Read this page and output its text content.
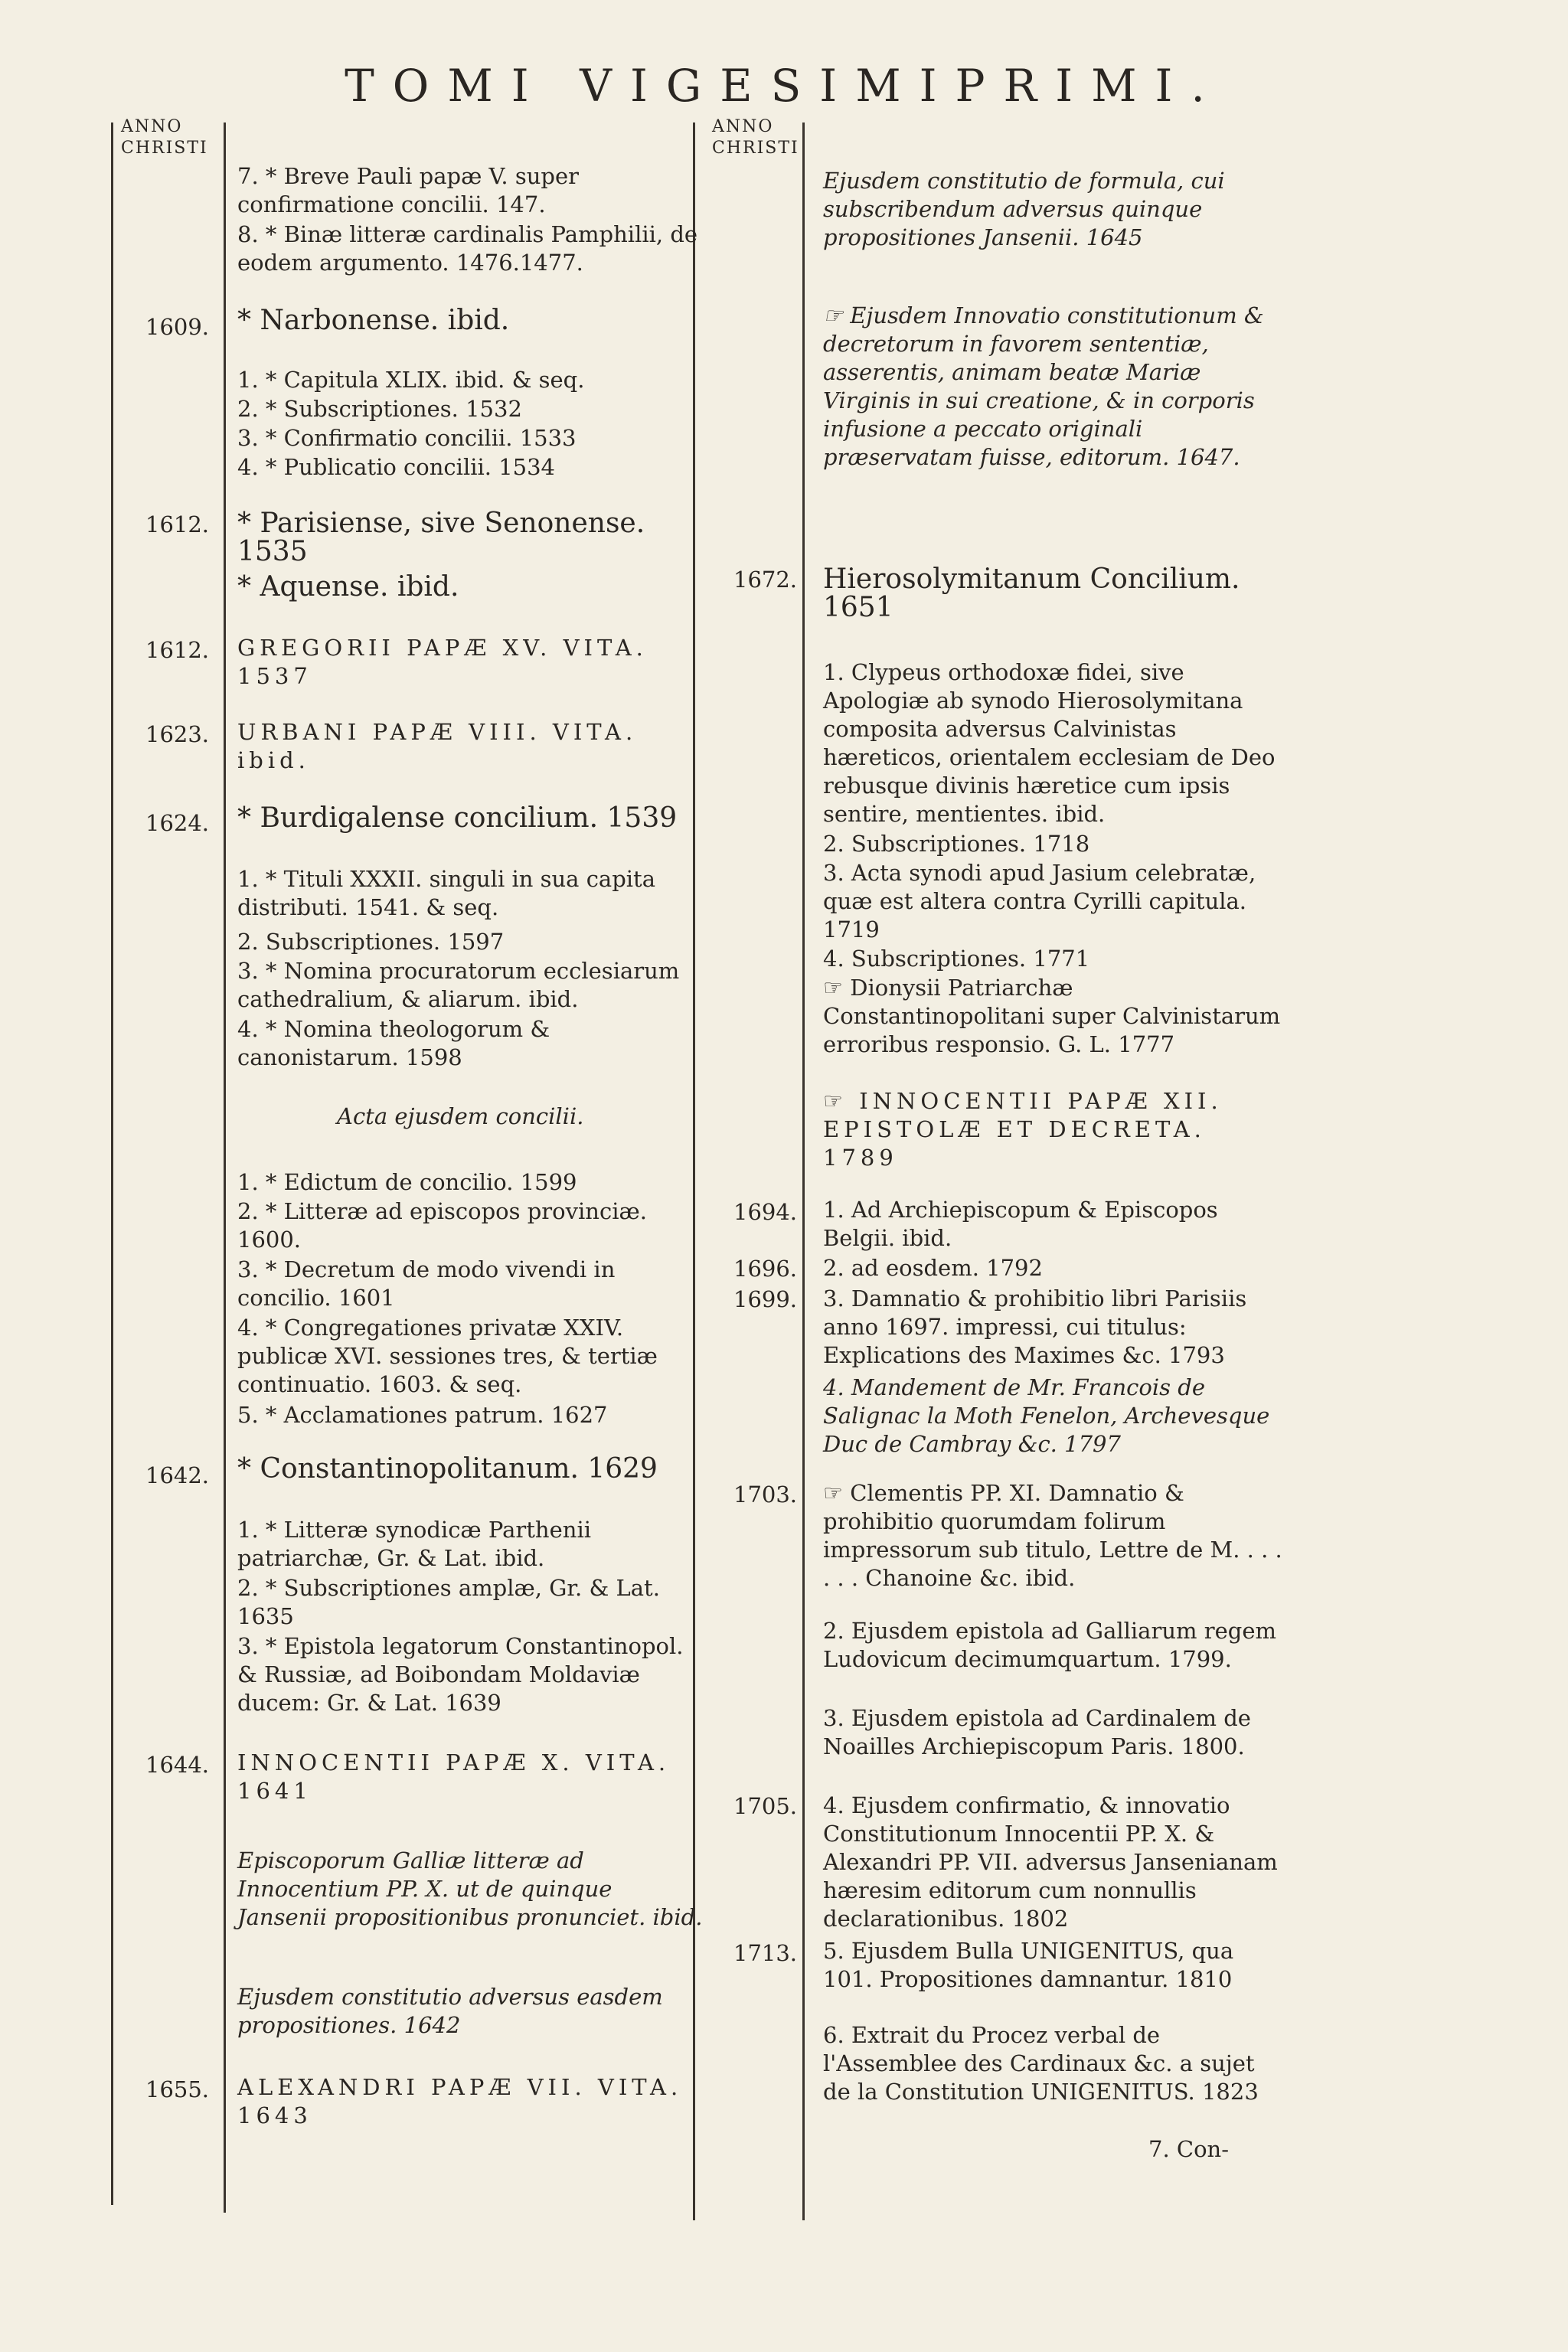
TOMI VIGESIMIPRIMI.
ANNO
CHRISTI
ANNO
CHRISTI
1609.
1612.
1612.
1623.
1624.
1642.
1644.
1655.
7. * Breve Pauli papæ V. super confirmatione concilii. 147.
8. * Binæ litteræ cardinalis Pamphilii, de eodem argumento. 1476.1477.
* Narbonense. ibid.
1. * Capitula XLIX. ibid. & seq.
2. * Subscriptiones. 1532
3. * Confirmatio concilii. 1533
4. * Publicatio concilii. 1534
* Parisiense, sive Senonense. 1535
* Aquense. ibid.
GREGORII PAPÆ XV. VITA. 1537
URBANI PAPÆ VIII. VITA. ibid.
* Burdigalense concilium. 1539
1. * Tituli XXXII. singuli in sua capita distributi. 1541. & seq.
2. Subscriptiones. 1597
3. * Nomina procuratorum ecclesiarum cathedralium, & aliarum. ibid.
4. * Nomina theologorum & canonistarum. 1598
Acta ejusdem concilii.
1. * Edictum de concilio. 1599
2. * Litteræ ad episcopos provinciæ. 1600.
3. * Decretum de modo vivendi in concilio. 1601
4. * Congregationes privatæ XXIV. publicæ XVI. sessiones tres, & tertiæ continuatio. 1603. & seq.
5. * Acclamationes patrum. 1627
* Constantinopolitanum. 1629
1. * Litteræ synodicæ Parthenii patriarchæ, Gr. & Lat. ibid.
2. * Subscriptiones amplæ, Gr. & Lat. 1635
3. * Epistola legatorum Constantinopol. & Russiæ, ad Boibondam Moldaviæ ducem: Gr. & Lat. 1639
INNOCENTII PAPÆ X. VITA. 1641
Episcoporum Galliæ litteræ ad Innocentium PP. X. ut de quinque Jansenii propositionibus pronunciet. ibid.
Ejusdem constitutio adversus easdem propositiones. 1642
ALEXANDRI PAPÆ VII. VITA. 1643
1672.
1694.
1696.
1699.
1703.
1705.
1713.
Ejusdem constitutio de formula, cui subscribendum adversus quinque propositiones Jansenii. 1645
☞ Ejusdem Innovatio constitutionum & decretorum in favorem sententiæ, asserentis, animam beatæ Mariæ Virginis in sui creatione, & in corporis infusione a peccato originali præservatam fuisse, editorum. 1647.
Hierosolymitanum Concilium. 1651
1. Clypeus orthodoxæ fidei, sive Apologiæ ab synodo Hierosolymitana composita adversus Calvinistas hæreticos, orientalem ecclesiam de Deo rebusque divinis hæretice cum ipsis sentire, mentientes. ibid.
2. Subscriptiones. 1718
3. Acta synodi apud Jasium celebratæ, quæ est altera contra Cyrilli capitula. 1719
4. Subscriptiones. 1771
☞ Dionysii Patriarchæ Constantinopolitani super Calvinistarum erroribus responsio. G. L. 1777
☞ INNOCENTII PAPÆ XII. EPISTOLÆ ET DECRETA. 1789
1. Ad Archiepiscopum & Episcopos Belgii. ibid.
2. ad eosdem. 1792
3. Damnatio & prohibitio libri Parisiis anno 1697. impressi, cui titulus: Explications des Maximes &c. 1793
4. Mandement de Mr. Francois de Salignac la Moth Fenelon, Archevesque Duc de Cambray &c. 1797
☞ Clementis PP. XI. Damnatio & prohibitio quorumdam folirum impressorum sub titulo, Lettre de M. . . . . . . Chanoine &c. ibid.
2. Ejusdem epistola ad Galliarum regem Ludovicum decimumquartum. 1799.
3. Ejusdem epistola ad Cardinalem de Noailles Archiepiscopum Paris. 1800.
4. Ejusdem confirmatio, & innovatio Constitutionum Innocentii PP. X. & Alexandri PP. VII. adversus Jansenianam hæresim editorum cum nonnullis declarationibus. 1802
5. Ejusdem Bulla UNIGENITUS, qua 101. Propositiones damnantur. 1810
6. Extrait du Procez verbal de l'Assemblee des Cardinaux &c. a sujet de la Constitution UNIGENITUS. 1823
7. Con-
